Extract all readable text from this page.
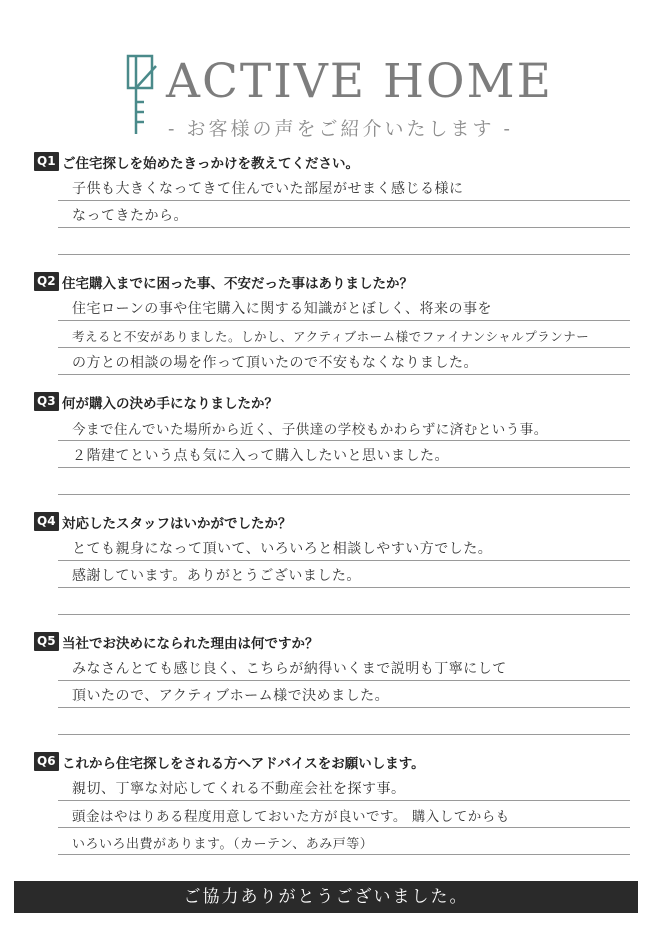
ACTIVE HOME
- お客様の声をご紹介いたします -
Q1 ご住宅探しを始めたきっかけを教えてください。
子供も大きくなってきて住んでいた部屋がせまく感じる様に
なってきたから。
Q2 住宅購入までに困った事、不安だった事はありましたか？
住宅ローンの事や住宅購入に関する知識がとぼしく、将来の事を
考えると不安がありました。しかし、アクティブホーム様でファイナンシャルプランナー
の方との相談の場を作って頂いたので不安もなくなりました。
Q3 何が購入の決め手になりましたか？
今まで住んでいた場所から近く、子供達の学校もかわらずに済むという事。
２階建てという点も気に入って購入したいと思いました。
Q4 対応したスタッフはいかがでしたか？
とても親身になって頂いて、いろいろと相談しやすい方でした。
感謝しています。ありがとうございました。
Q5 当社でお決めになられた理由は何ですか？
みなさんとても感じ良く、こちらが納得いくまで説明も丁寧にして
頂いたので、アクティブホーム様で決めました。
Q6 これから住宅探しをされる方へアドバイスをお願いします。
親切、丁寧な対応してくれる不動産会社を探す事。
頭金はやはりある程度用意しておいた方が良いです。 購入してからも
いろいろ出費があります。（カーテン、あみ戸等）
ご協力ありがとうございました。
